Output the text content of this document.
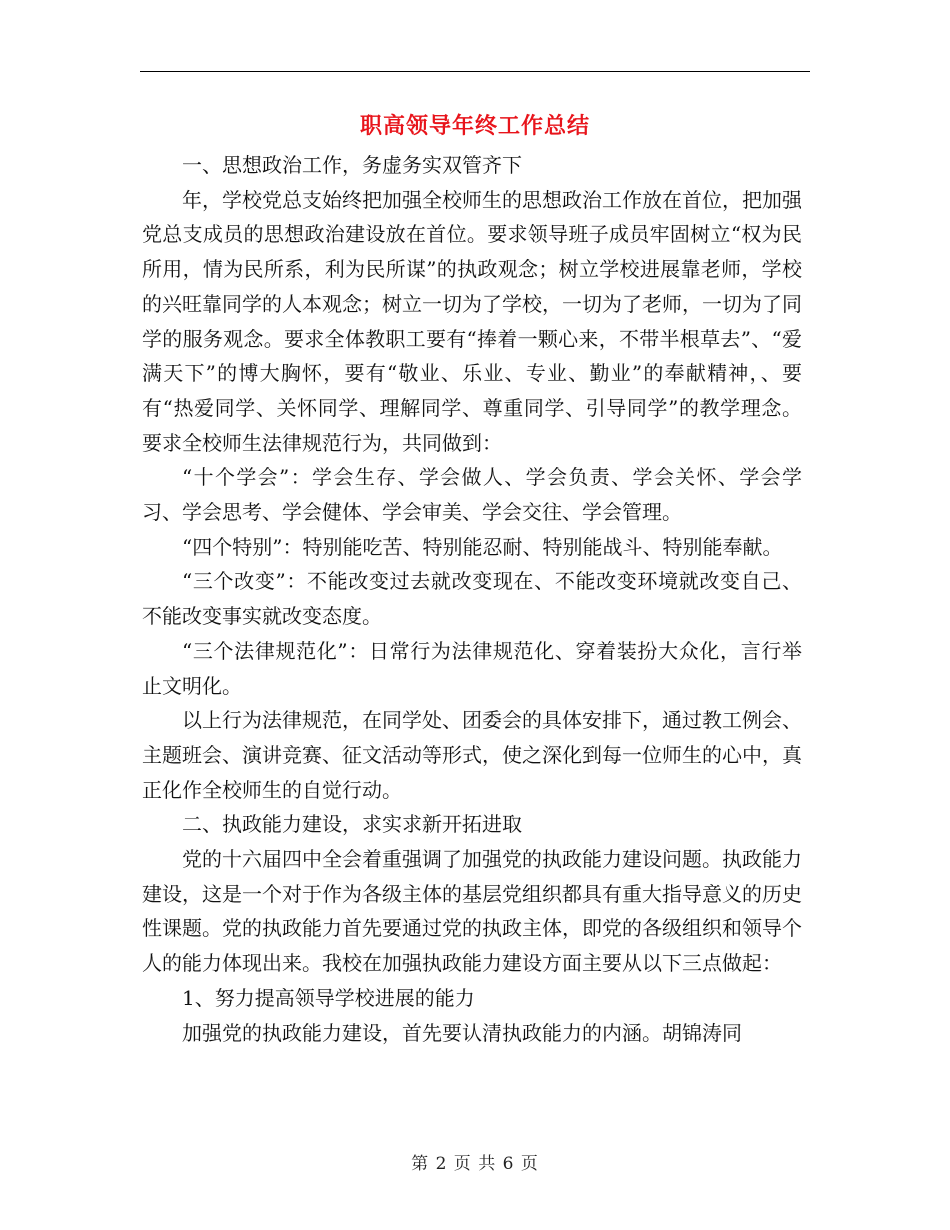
职高领导年终工作总结

一、思想政治工作，务虚务实双管齐下

年，学校党总支始终把加强全校师生的思想政治工作放在首位，把加强党总支成员的思想政治建设放在首位。要求领导班子成员牢固树立“权为民所用，情为民所系，利为民所谋”的执政观念；树立学校进展靠老师，学校的兴旺靠同学的人本观念；树立一切为了学校，一切为了老师，一切为了同学的服务观念。要求全体教职工要有“捧着一颗心来，不带半根草去”、“爱满天下”的博大胸怀，要有“敬业、乐业、专业、勤业”的奉献精神，、要有“热爱同学、关怀同学、理解同学、尊重同学、引导同学”的教学理念。要求全校师生法律规范行为，共同做到：

“十个学会”：学会生存、学会做人、学会负责、学会关怀、学会学习、学会思考、学会健体、学会审美、学会交往、学会管理。

“四个特别”：特别能吃苦、特别能忍耐、特别能战斗、特别能奉献。

“三个改变”：不能改变过去就改变现在、不能改变环境就改变自己、不能改变事实就改变态度。

“三个法律规范化”：日常行为法律规范化、穿着装扮大众化，言行举止文明化。

以上行为法律规范，在同学处、团委会的具体安排下，通过教工例会、主题班会、演讲竞赛、征文活动等形式，使之深化到每一位师生的心中，真正化作全校师生的自觉行动。

二、执政能力建设，求实求新开拓进取

党的十六届四中全会着重强调了加强党的执政能力建设问题。执政能力建设，这是一个对于作为各级主体的基层党组织都具有重大指导意义的历史性课题。党的执政能力首先要通过党的执政主体，即党的各级组织和领导个人的能力体现出来。我校在加强执政能力建设方面主要从以下三点做起：

1、努力提高领导学校进展的能力

加强党的执政能力建设，首先要认清执政能力的内涵。胡锦涛同

第 2 页 共 6 页
